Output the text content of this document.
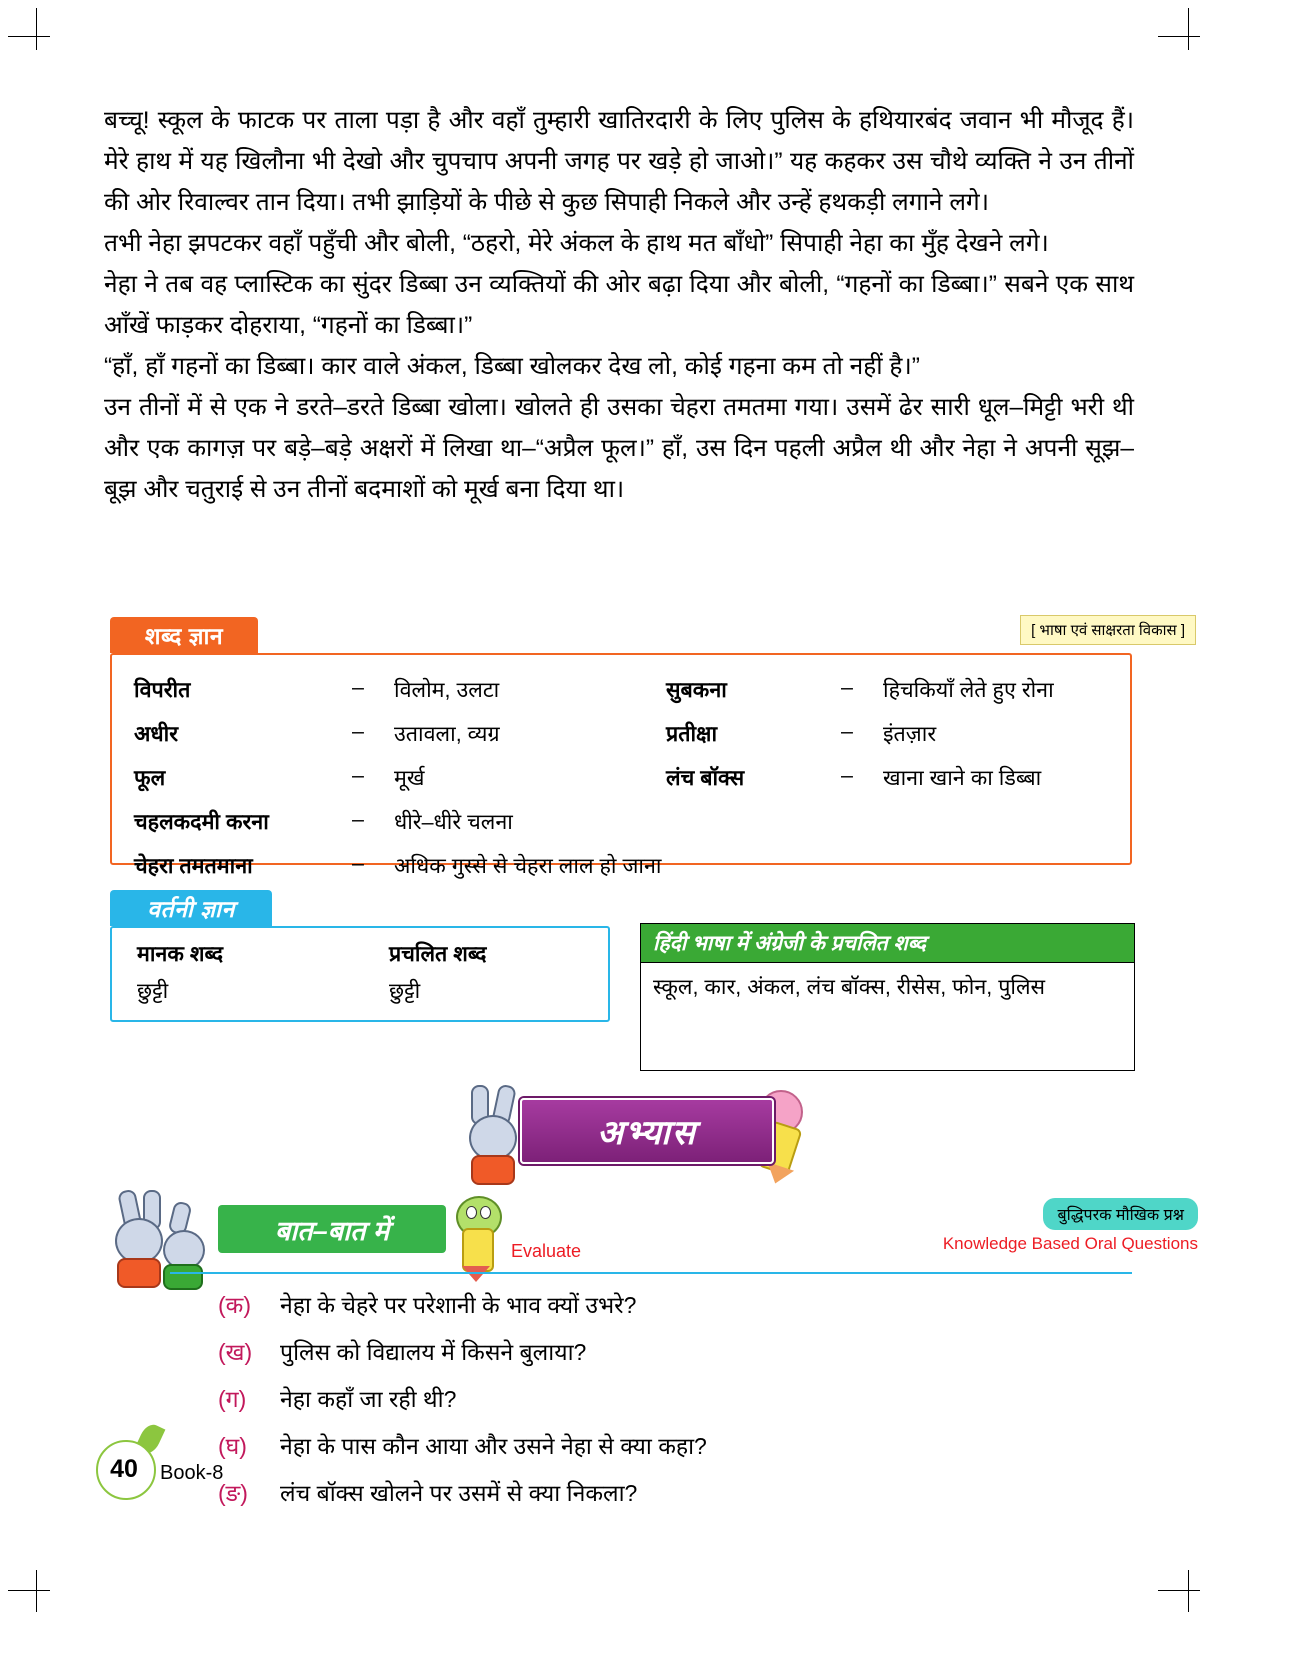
बच्चू! स्कूल के फाटक पर ताला पड़ा है और वहाँ तुम्हारी खातिरदारी के लिए पुलिस के हथियारबंद जवान भी मौजूद हैं। मेरे हाथ में यह खिलौना भी देखो और चुपचाप अपनी जगह पर खड़े हो जाओ।” यह कहकर उस चौथे व्यक्ति ने उन तीनों की ओर रिवाल्वर तान दिया। तभी झाड़ियों के पीछे से कुछ सिपाही निकले और उन्हें हथकड़ी लगाने लगे।

तभी नेहा झपटकर वहाँ पहुँची और बोली, “ठहरो, मेरे अंकल के हाथ मत बाँधो” सिपाही नेहा का मुँह देखने लगे।

नेहा ने तब वह प्लास्टिक का सुंदर डिब्बा उन व्यक्तियों की ओर बढ़ा दिया और बोली, “गहनों का डिब्बा।” सबने एक साथ आँखें फाड़कर दोहराया, “गहनों का डिब्बा।”

“हाँ, हाँ गहनों का डिब्बा। कार वाले अंकल, डिब्बा खोलकर देख लो, कोई गहना कम तो नहीं है।”

उन तीनों में से एक ने डरते–डरते डिब्बा खोला। खोलते ही उसका चेहरा तमतमा गया। उसमें ढेर सारी धूल–मिट्टी भरी थी और एक कागज़ पर बड़े–बड़े अक्षरों में लिखा था–“अप्रैल फूल।” हाँ, उस दिन पहली अप्रैल थी और नेहा ने अपनी सूझ–बूझ और चतुराई से उन तीनों बदमाशों को मूर्ख बना दिया था।

शब्द ज्ञान	[ भाषा एवं साक्षरता विकास ]
विपरीत	–	विलोम, उलटा	सुबकना	–	हिचकियाँ लेते हुए रोना
अधीर	–	उतावला, व्यग्र	प्रतीक्षा	–	इंतज़ार
फूल	–	मूर्ख	लंच बॉक्स	–	खाना खाने का डिब्बा
चहलकदमी करना	–	धीरे–धीरे चलना			
चेहरा तमतमाना	–	अधिक गुस्से से चेहरा लाल हो जाना			
वर्तनी ज्ञान
मानक शब्द	प्रचलित शब्द
छुट्टी	छुट्टी
हिंदी भाषा में अंग्रेजी के प्रचलित शब्द
स्कूल, कार, अंकल, लंच बॉक्स, रीसेस, फोन, पुलिस
अभ्यास
बात–बात में	बुद्धिपरक मौखिक प्रश्न
Knowledge Based Oral Questions
Evaluate
(क)	नेहा के चेहरे पर परेशानी के भाव क्यों उभरे?
(ख)	पुलिस को विद्यालय में किसने बुलाया?
(ग)	नेहा कहाँ जा रही थी?
(घ)	नेहा के पास कौन आया और उसने नेहा से क्या कहा?
(ङ)	लंच बॉक्स खोलने पर उसमें से क्या निकला?
40	Book-8
